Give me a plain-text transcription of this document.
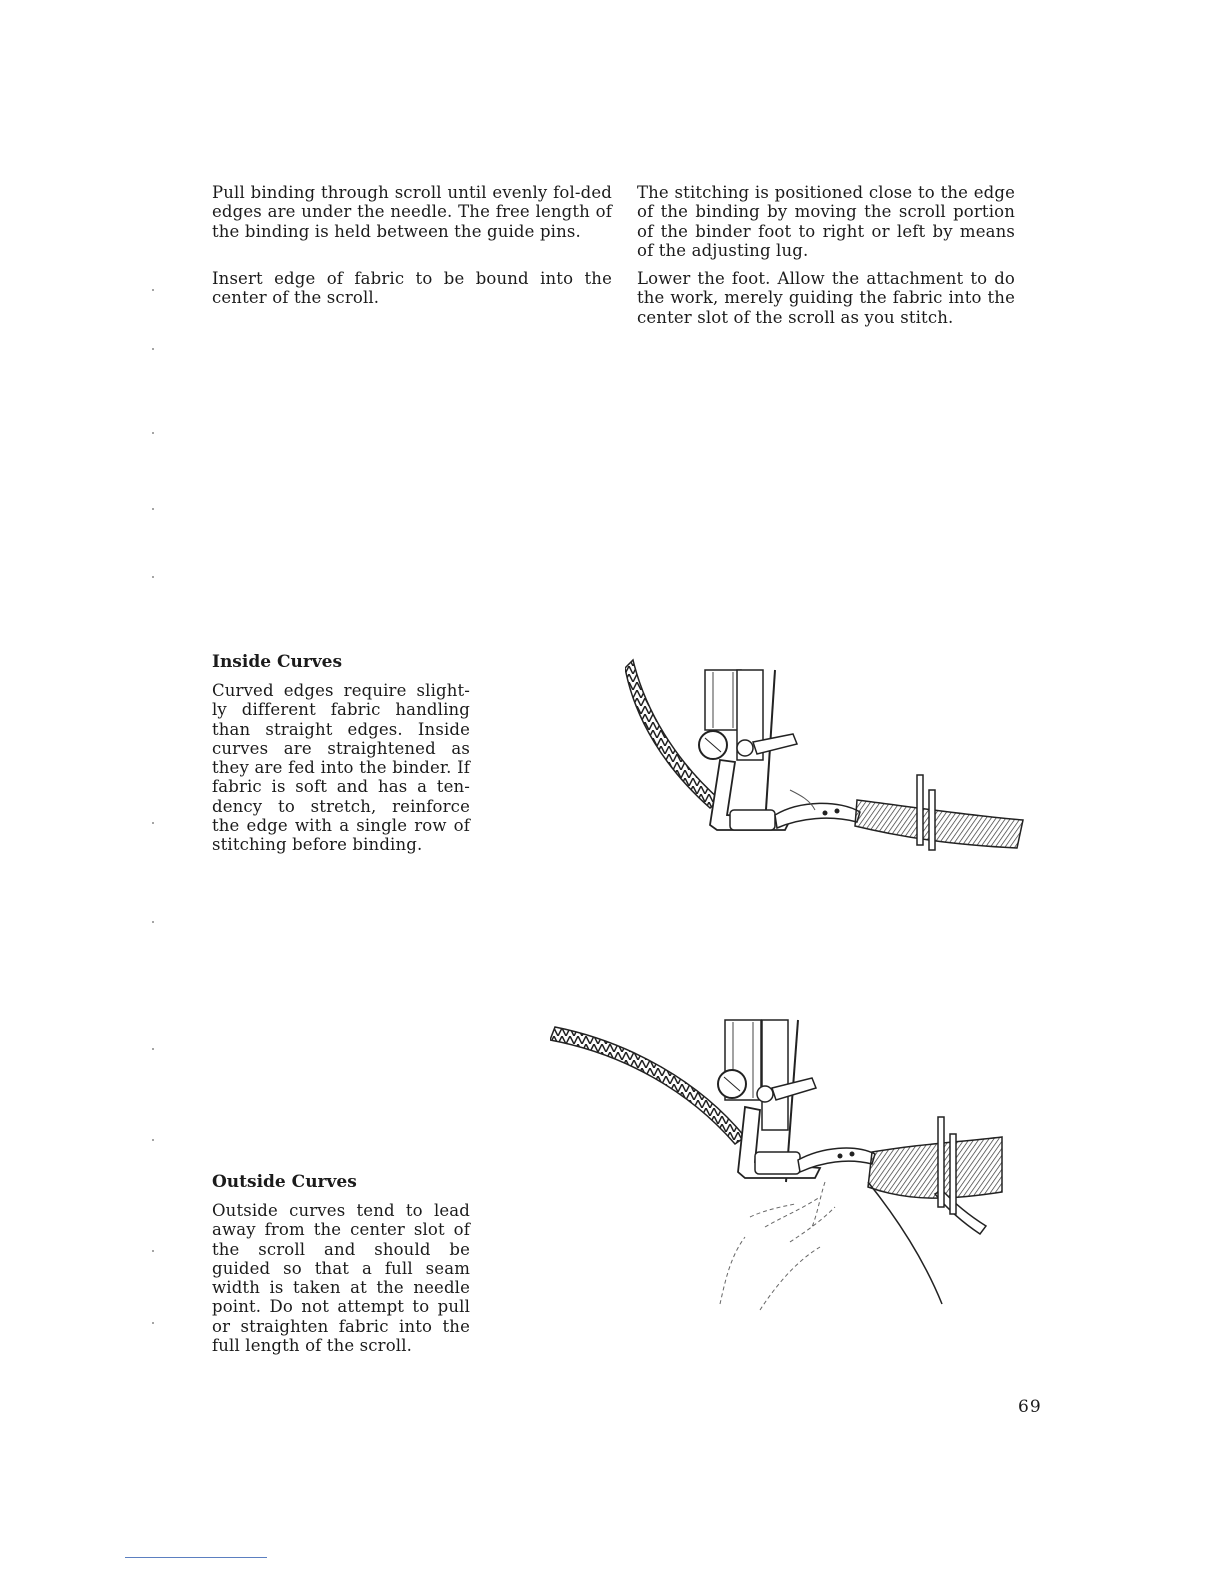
Pull binding through scroll until evenly fol-ded edges are under the needle. The free length of the binding is held between the guide pins.

Insert edge of fabric to be bound into the center of the scroll.

The stitching is positioned close to the edge of the binding by moving the scroll portion of the binder foot to right or left by means of the adjusting lug.

Lower the foot. Allow the attachment to do the work, merely guiding the fabric into the center slot of the scroll as you stitch.

Inside Curves

Curved edges require slight-ly different fabric handling than straight edges. Inside curves are straightened as they are fed into the binder. If fabric is soft and has a ten-dency to stretch, reinforce the edge with a single row of stitching before binding.

Outside Curves

Outside curves tend to lead away from the center slot of the scroll and should be guided so that a full seam width is taken at the needle point. Do not attempt to pull or straighten fabric into the full length of the scroll.

69
